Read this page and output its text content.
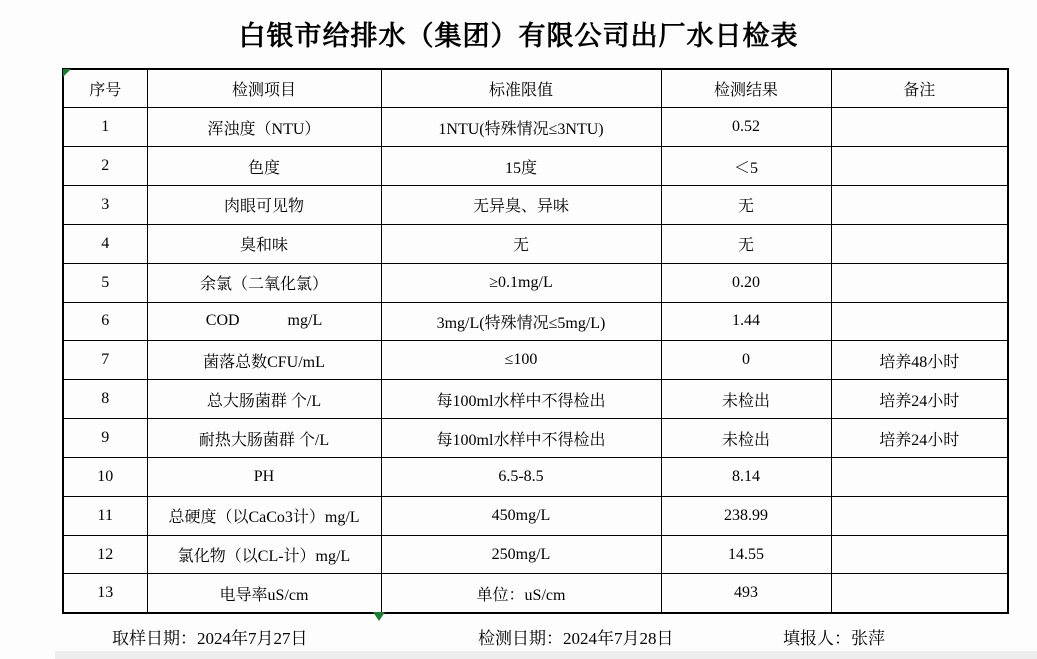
白银市给排水（集团）有限公司出厂水日检表
序号	检测项目	标准限值	检测结果	备注
1	浑浊度（NTU）	1NTU(特殊情况≤3NTU)	0.52	
2	色度	15度	＜5	
3	肉眼可见物	无异臭、异味	无	
4	臭和味	无	无	
5	余氯（二氧化氯）	≥0.1mg/L	0.20	
6	COD            mg/L	3mg/L(特殊情况≤5mg/L)	1.44	
7	菌落总数CFU/mL	≤100	0	培养48小时
8	总大肠菌群 个/L	每100ml水样中不得检出	未检出	培养24小时
9	耐热大肠菌群 个/L	每100ml水样中不得检出	未检出	培养24小时
10	PH	6.5-8.5	8.14	
11	总硬度（以CaCo3计）mg/L	450mg/L	238.99	
12	氯化物（以CL-计）mg/L	250mg/L	14.55	
13	电导率uS/cm	单位：uS/cm	493	
取样日期：2024年7月27日	检测日期：2024年7月28日	填报人：张萍
